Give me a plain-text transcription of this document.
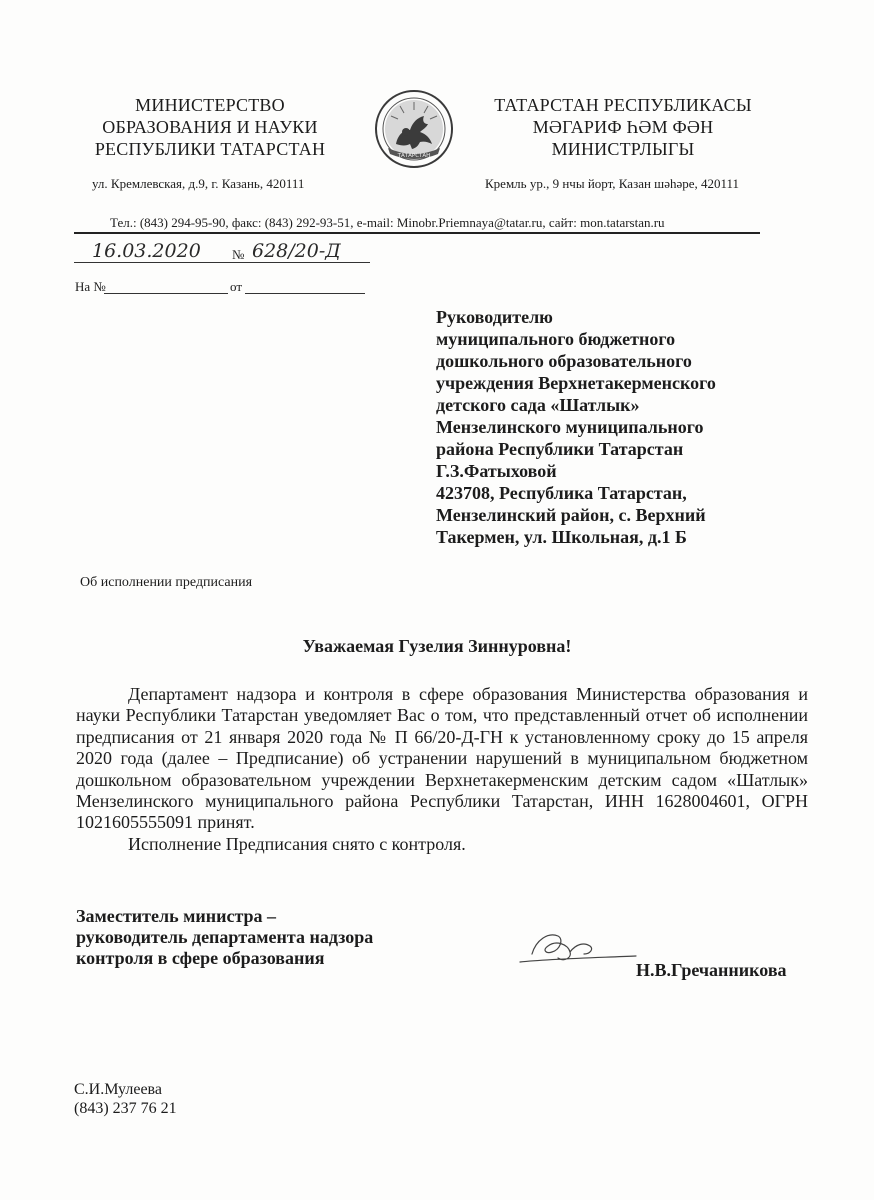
МИНИСТЕРСТВО
ОБРАЗОВАНИЯ И НАУКИ
РЕСПУБЛИКИ ТАТАРСТАН
ул. Кремлевская, д.9, г. Казань, 420111
ТАТАРСТАН
ТАТАРСТАН РЕСПУБЛИКАСЫ
МӘГАРИФ ҺӘМ ФӘН
МИНИСТРЛЫГЫ
Кремль ур., 9 нчы йорт, Казан шәһәре, 420111
Тел.: (843) 294-95-90, факс: (843) 292-93-51, e-mail: Minobr.Priemnaya@tatar.ru, сайт: mon.tatarstan.ru
16.03.2020 № 628/20-Д
На №	от
Руководителю
муниципального бюджетного
дошкольного образовательного
учреждения Верхнетакерменского
детского сада «Шатлык»
Мензелинского муниципального
района Республики Татарстан
Г.З.Фатыховой
423708, Республика Татарстан,
Мензелинский район, с. Верхний
Такермен, ул. Школьная, д.1 Б
Об исполнении предписания
Уважаемая Гузелия Зиннуровна!

Департамент надзора и контроля в сфере образования Министерства образования и науки Республики Татарстан уведомляет Вас о том, что представленный отчет об исполнении предписания от 21 января 2020 года № П 66/20-Д-ГН к установленному сроку до 15 апреля 2020 года (далее – Предписание) об устранении нарушений в муниципальном бюджетном дошкольном образовательном учреждении Верхнетакерменским детским садом «Шатлык» Мензелинского муниципального района Республики Татарстан, ИНН 1628004601, ОГРН 1021605555091 принят.

Исполнение Предписания снято с контроля.

Заместитель министра –
руководитель департамента надзора
контроля в сфере образования
Н.В.Гречанникова
С.И.Мулеева
(843) 237 76 21
